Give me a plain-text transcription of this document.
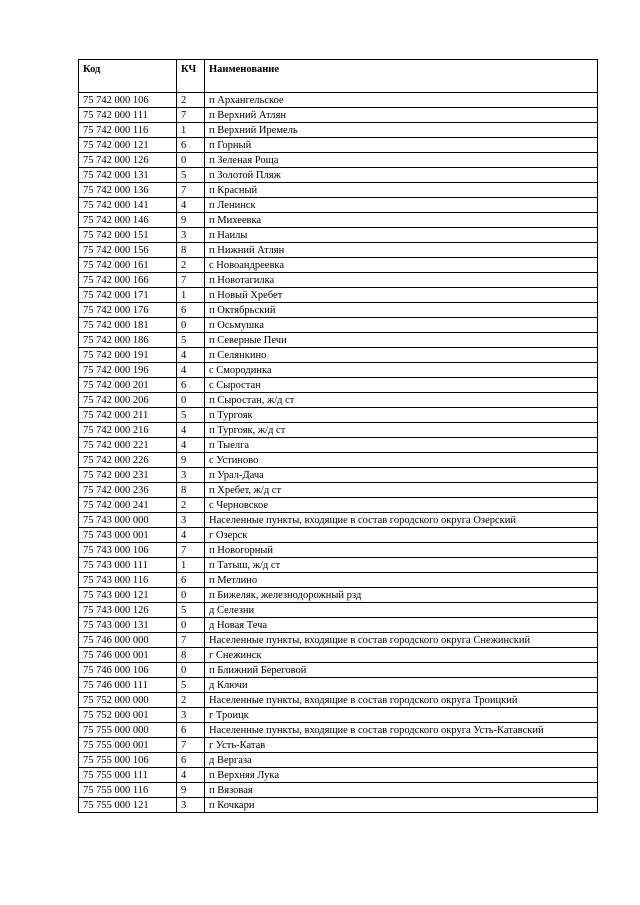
Код	КЧ	Наименование
75 742 000 106	2	п Архангельское
75 742 000 111	7	п Верхний Атлян
75 742 000 116	1	п Верхний Иремель
75 742 000 121	6	п Горный
75 742 000 126	0	п Зеленая Роща
75 742 000 131	5	п Золотой Пляж
75 742 000 136	7	п Красный
75 742 000 141	4	п Ленинск
75 742 000 146	9	п Михеевка
75 742 000 151	3	п Наилы
75 742 000 156	8	п Нижний Атлян
75 742 000 161	2	с Новоандреевка
75 742 000 166	7	п Новотагилка
75 742 000 171	1	п Новый Хребет
75 742 000 176	6	п Октябрьский
75 742 000 181	0	п Осьмушка
75 742 000 186	5	п Северные Печи
75 742 000 191	4	п Селянкино
75 742 000 196	4	с Смородинка
75 742 000 201	6	с Сыростан
75 742 000 206	0	п Сыростан, ж/д ст
75 742 000 211	5	п Тургояк
75 742 000 216	4	п Тургояк, ж/д ст
75 742 000 221	4	п Тыелга
75 742 000 226	9	с Устиново
75 742 000 231	3	п Урал-Дача
75 742 000 236	8	п Хребет, ж/д ст
75 742 000 241	2	с Черновское
75 743 000 000	3	Населенные пункты, входящие в состав городского округа Озерский
75 743 000 001	4	г Озерск
75 743 000 106	7	п Новогорный
75 743 000 111	1	п Татыш, ж/д ст
75 743 000 116	6	п Метлино
75 743 000 121	0	п Бижеляк, железнодорожный рзд
75 743 000 126	5	д Селезни
75 743 000 131	0	д Новая Теча
75 746 000 000	7	Населенные пункты, входящие в состав городского округа Снежинский
75 746 000 001	8	г Снежинск
75 746 000 106	0	п Ближний Береговой
75 746 000 111	5	д Ключи
75 752 000 000	2	Населенные пункты, входящие в состав городского округа Троицкий
75 752 000 001	3	г Троицк
75 755 000 000	6	Населенные пункты, входящие в состав городского округа Усть-Катавский
75 755 000 001	7	г Усть-Катав
75 755 000 106	6	д Вергаза
75 755 000 111	4	п Верхняя Лука
75 755 000 116	9	п Вязовая
75 755 000 121	3	п Кочкари
